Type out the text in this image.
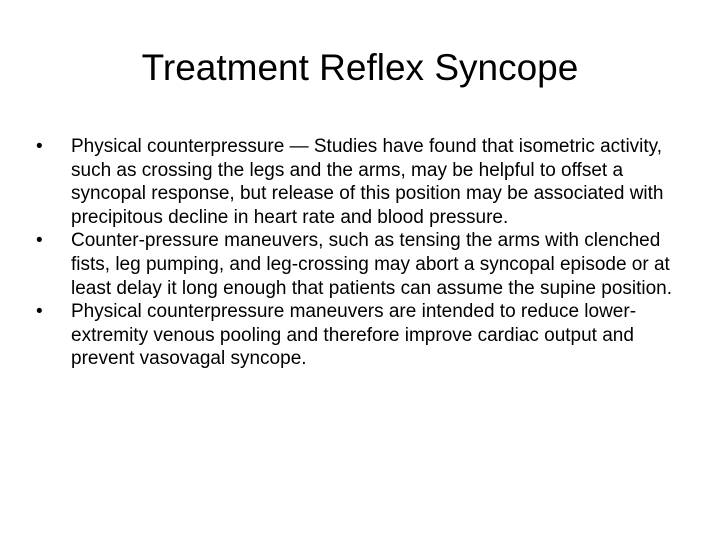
Treatment Reflex Syncope
•	Physical counterpressure — Studies have found that isometric activity, such as crossing the legs and the arms, may be helpful to offset a syncopal response, but release of this position may be associated with precipitous decline in heart rate and blood pressure.
•	Counter-pressure maneuvers, such as tensing the arms with clenched fists, leg pumping, and leg-crossing may abort a syncopal episode or at least delay it long enough that patients can assume the supine position.
•	Physical counterpressure maneuvers are intended to reduce lower-extremity venous pooling and therefore improve cardiac output and prevent vasovagal syncope.
